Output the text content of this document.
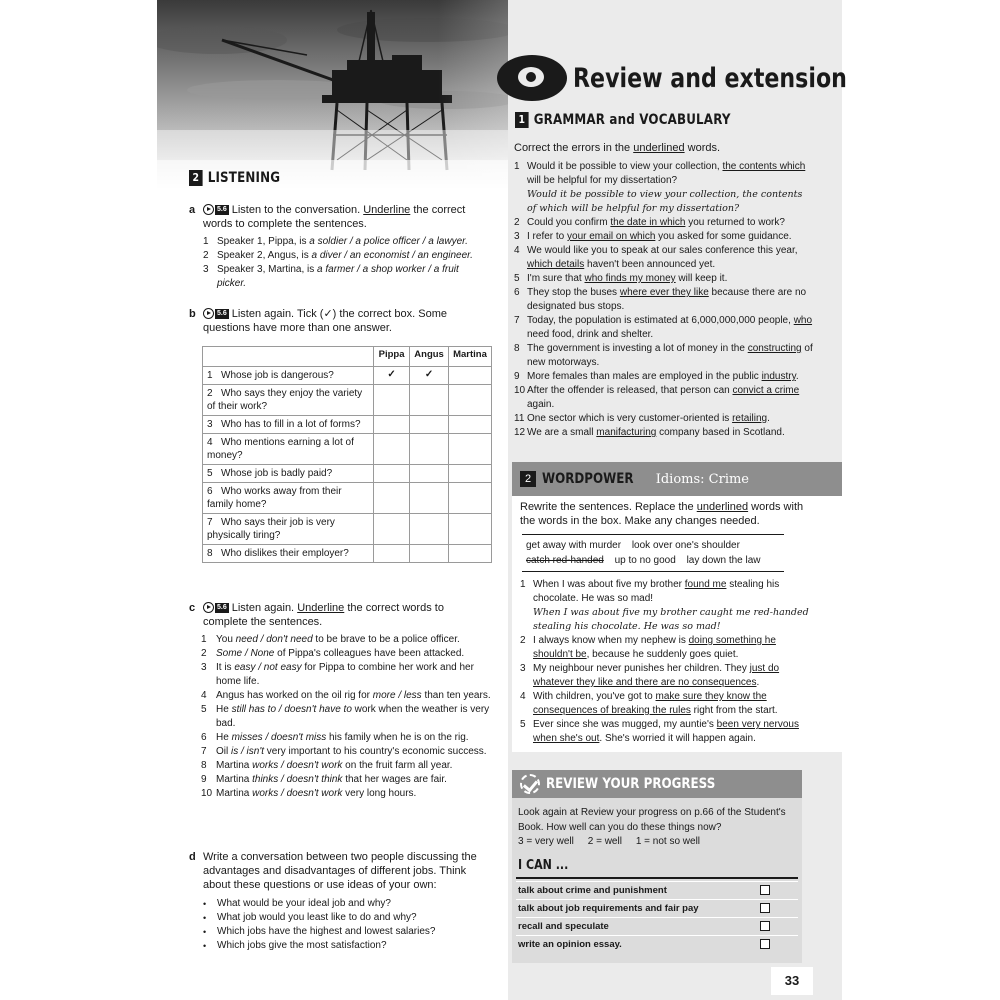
2 LISTENING
a	5.6 Listen to the conversation. Underline the correct words to complete the sentences.
1 Speaker 1, Pippa, is a soldier / a police officer / a lawyer.
2 Speaker 2, Angus, is a diver / an economist / an engineer.
3 Speaker 3, Martina, is a farmer / a shop worker / a fruit picker.
b	5.6 Listen again. Tick (✓) the correct box. Some questions have more than one answer.
	Pippa	Angus	Martina
1 Whose job is dangerous?	✓	✓	
2 Who says they enjoy the variety of their work?			
3 Who has to fill in a lot of forms?			
4 Who mentions earning a lot of money?			
5 Whose job is badly paid?			
6 Who works away from their family home?			
7 Who says their job is very physically tiring?			
8 Who dislikes their employer?			
c	5.6 Listen again. Underline the correct words to complete the sentences.
1 You need / don't need to be brave to be a police officer.
2 Some / None of Pippa's colleagues have been attacked.
3 It is easy / not easy for Pippa to combine her work and her home life.
4 Angus has worked on the oil rig for more / less than ten years.
5 He still has to / doesn't have to work when the weather is very bad.
6 He misses / doesn't miss his family when he is on the rig.
7 Oil is / isn't very important to his country's economic success.
8 Martina works / doesn't work on the fruit farm all year.
9 Martina thinks / doesn't think that her wages are fair.
10 Martina works / doesn't work very long hours.
d Write a conversation between two people discussing the advantages and disadvantages of different jobs. Think about these questions or use ideas of your own:
• What would be your ideal job and why?
• What job would you least like to do and why?
• Which jobs have the highest and lowest salaries?
• Which jobs give the most satisfaction?
Review and extension
1 GRAMMAR and VOCABULARY
Correct the errors in the underlined words.
1 Would it be possible to view your collection, the contents which will be helpful for my dissertation?
Would it be possible to view your collection, the contents of which will be helpful for my dissertation?
2 Could you confirm the date in which you returned to work?
3 I refer to your email on which you asked for some guidance.
4 We would like you to speak at our sales conference this year, which details haven't been announced yet.
5 I'm sure that who finds my money will keep it.
6 They stop the buses where ever they like because there are no designated bus stops.
7 Today, the population is estimated at 6,000,000,000 people, who need food, drink and shelter.
8 The government is investing a lot of money in the constructing of new motorways.
9 More females than males are employed in the public industry.
10 After the offender is released, that person can convict a crime again.
11 One sector which is very customer-oriented is retailing.
12 We are a small manifacturing company based in Scotland.
2 WORDPOWER Idioms: Crime
Rewrite the sentences. Replace the underlined words with the words in the box. Make any changes needed.
get away with murder look over one's shoulder
catch red-handed up to no good lay down the law
1 When I was about five my brother found me stealing his chocolate. He was so mad!
When I was about five my brother caught me red-handed stealing his chocolate. He was so mad!
2 I always know when my nephew is doing something he shouldn't be, because he suddenly goes quiet.
3 My neighbour never punishes her children. They just do whatever they like and there are no consequences.
4 With children, you've got to make sure they know the consequences of breaking the rules right from the start.
5 Ever since she was mugged, my auntie's been very nervous when she's out. She's worried it will happen again.
REVIEW YOUR PROGRESS
Look again at Review your progress on p.66 of the Student's Book. How well can you do these things now?
3 = very well     2 = well     1 = not so well
I CAN ...
talk about crime and punishment
talk about job requirements and fair pay
recall and speculate
write an opinion essay.
33
